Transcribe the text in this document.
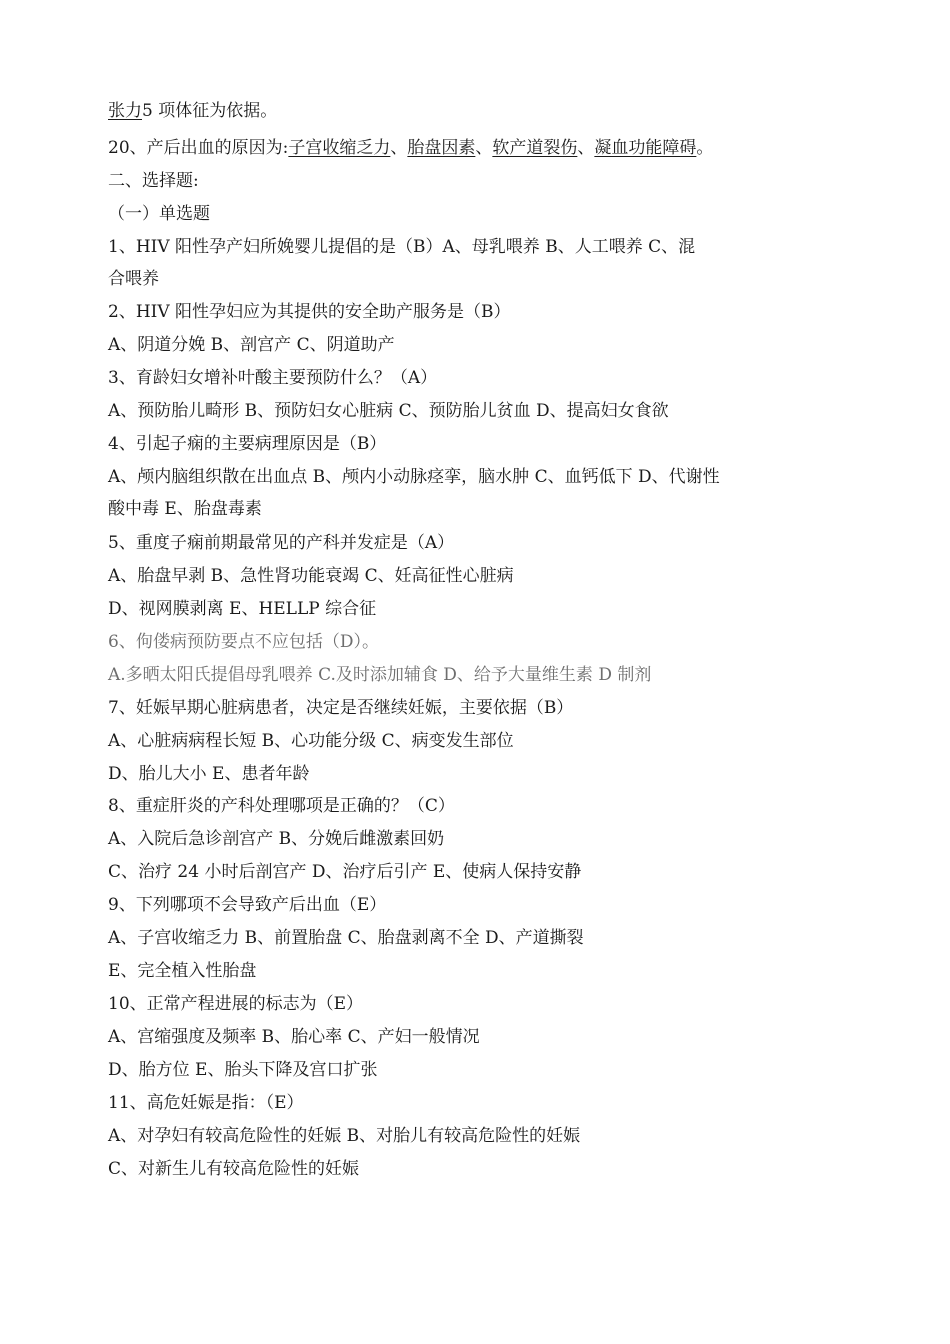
张力5 项体征为依据。
20、产后出血的原因为:子宫收缩乏力、胎盘因素、软产道裂伤、凝血功能障碍。
二、选择题:
（一）单选题
1、HIV 阳性孕产妇所娩婴儿提倡的是（B）A、母乳喂养 B、人工喂养 C、混
合喂养
2、HIV 阳性孕妇应为其提供的安全助产服务是（B）
A、阴道分娩 B、剖宫产 C、阴道助产
3、育龄妇女增补叶酸主要预防什么？（A）
A、预防胎儿畸形 B、预防妇女心脏病 C、预防胎儿贫血 D、提高妇女食欲
4、引起子痫的主要病理原因是（B）
A、颅内脑组织散在出血点 B、颅内小动脉痉挛，脑水肿 C、血钙低下 D、代谢性
酸中毒 E、胎盘毒素
5、重度子痫前期最常见的产科并发症是（A）
A、胎盘早剥 B、急性肾功能衰竭 C、妊高征性心脏病
D、视网膜剥离 E、HELLP 综合征
6、佝偻病预防要点不应包括（D）。
A.多晒太阳氏提倡母乳喂养 C.及时添加辅食 D、给予大量维生素 D 制剂
7、妊娠早期心脏病患者，决定是否继续妊娠，主要依据（B）
A、心脏病病程长短 B、心功能分级 C、病变发生部位
D、胎儿大小 E、患者年龄
8、重症肝炎的产科处理哪项是正确的？（C）
A、入院后急诊剖宫产 B、分娩后雌激素回奶
C、治疗 24 小时后剖宫产 D、治疗后引产 E、使病人保持安静
9、下列哪项不会导致产后出血（E）
A、子宫收缩乏力 B、前置胎盘 C、胎盘剥离不全 D、产道撕裂
E、完全植入性胎盘
10、正常产程进展的标志为（E）
A、宫缩强度及频率 B、胎心率 C、产妇一般情况
D、胎方位 E、胎头下降及宫口扩张
11、高危妊娠是指：（E）
A、对孕妇有较高危险性的妊娠 B、对胎儿有较高危险性的妊娠
C、对新生儿有较高危险性的妊娠
